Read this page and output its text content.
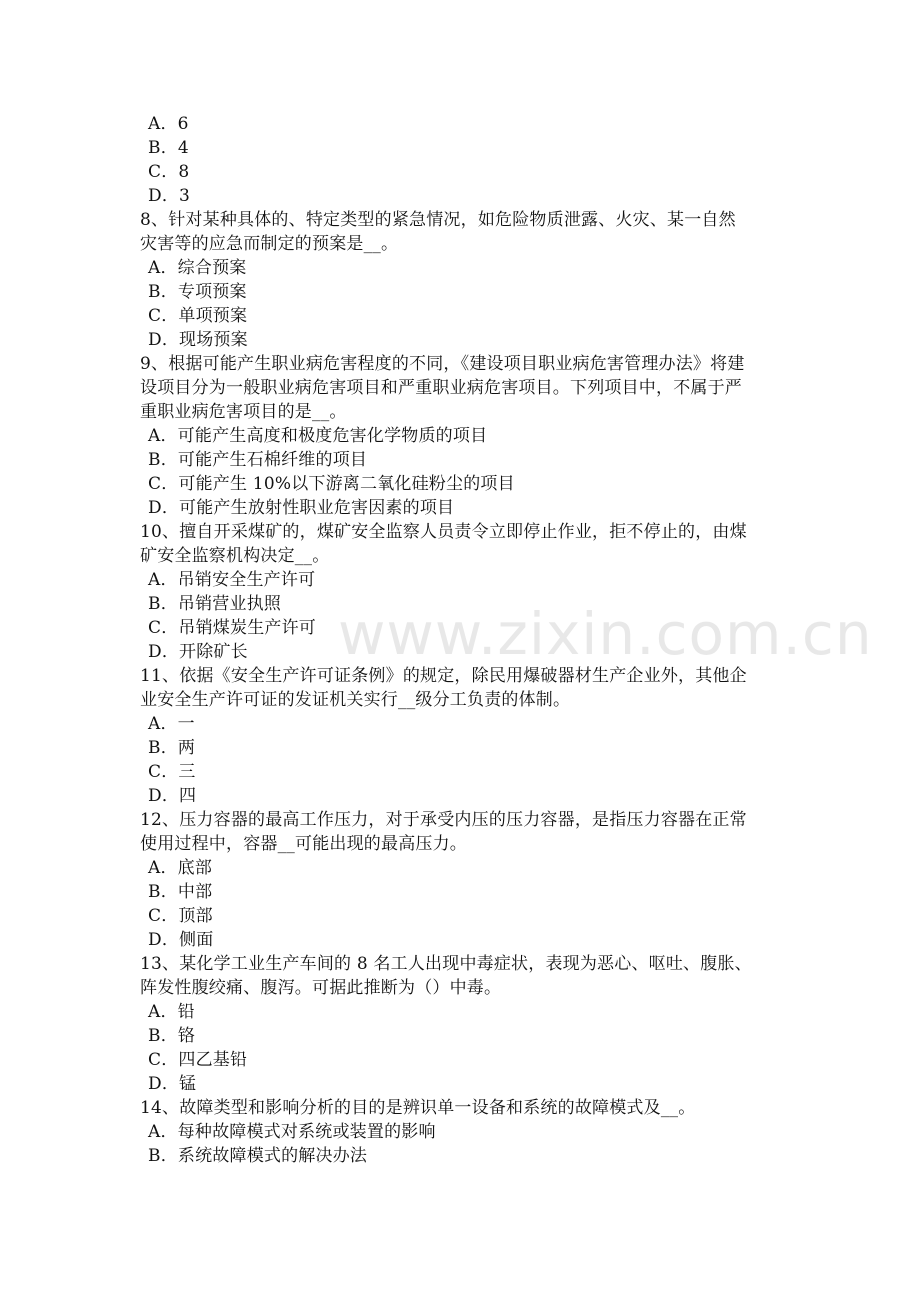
A．6
B．4
C．8
D．3
8、针对某种具体的、特定类型的紧急情况，如危险物质泄露、火灾、某一自然
灾害等的应急而制定的预案是__。
A．综合预案
B．专项预案
C．单项预案
D．现场预案
9、根据可能产生职业病危害程度的不同，《建设项目职业病危害管理办法》将建
设项目分为一般职业病危害项目和严重职业病危害项目。下列项目中，不属于严
重职业病危害项目的是__。
A．可能产生高度和极度危害化学物质的项目
B．可能产生石棉纤维的项目
C．可能产生 10%以下游离二氧化硅粉尘的项目
D．可能产生放射性职业危害因素的项目
10、擅自开采煤矿的，煤矿安全监察人员责令立即停止作业，拒不停止的，由煤
矿安全监察机构决定__。
A．吊销安全生产许可
B．吊销营业执照
C．吊销煤炭生产许可
D．开除矿长
11、依据《安全生产许可证条例》的规定，除民用爆破器材生产企业外，其他企
业安全生产许可证的发证机关实行__级分工负责的体制。
A．一
B．两
C．三
D．四
12、压力容器的最高工作压力，对于承受内压的压力容器，是指压力容器在正常
使用过程中，容器__可能出现的最高压力。
A．底部
B．中部
C．顶部
D．侧面
13、某化学工业生产车间的 8 名工人出现中毒症状，表现为恶心、呕吐、腹胀、
阵发性腹绞痛、腹泻。可据此推断为（）中毒。
A．铅
B．铬
C．四乙基铅
D．锰
14、故障类型和影响分析的目的是辨识单一设备和系统的故障模式及__。
A．每种故障模式对系统或装置的影响
B．系统故障模式的解决办法
www.zixin.com.cn
